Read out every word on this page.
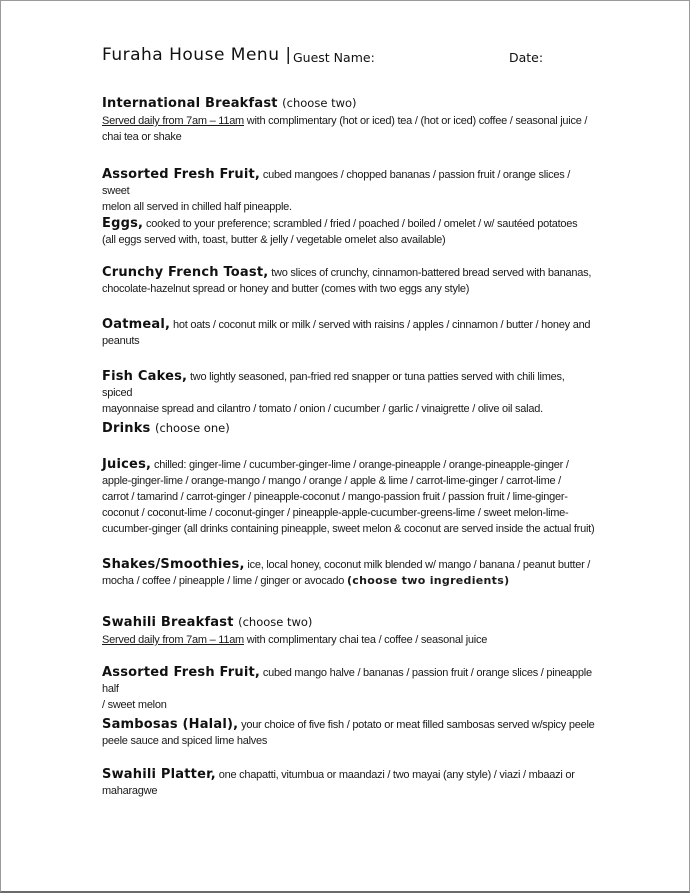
Furaha House Menu | Guest Name:	Date:
International Breakfast (choose two)
Served daily from 7am – 11am with complimentary (hot or iced) tea / (hot or iced) coffee / seasonal juice /
chai tea or shake
Assorted Fresh Fruit, cubed mangoes / chopped bananas / passion fruit / orange slices / sweet
melon all served in chilled half pineapple.
Eggs, cooked to your preference; scrambled / fried / poached / boiled / omelet / w/ sautéed potatoes
(all eggs served with, toast, butter & jelly / vegetable omelet also available)
Crunchy French Toast, two slices of crunchy, cinnamon-battered bread served with bananas,
chocolate-hazelnut spread or honey and butter (comes with two eggs any style)
Oatmeal, hot oats / coconut milk or milk / served with raisins / apples / cinnamon / butter / honey and
peanuts
Fish Cakes, two lightly seasoned, pan-fried red snapper or tuna patties served with chili limes, spiced
mayonnaise spread and cilantro / tomato / onion / cucumber / garlic / vinaigrette / olive oil salad.
Drinks (choose one)
Juices, chilled: ginger-lime / cucumber-ginger-lime / orange-pineapple / orange-pineapple-ginger /
apple-ginger-lime / orange-mango / mango / orange / apple & lime / carrot-lime-ginger / carrot-lime /
carrot / tamarind / carrot-ginger / pineapple-coconut / mango-passion fruit / passion fruit / lime-ginger-
coconut / coconut-lime / coconut-ginger / pineapple-apple-cucumber-greens-lime / sweet melon-lime-
cucumber-ginger (all drinks containing pineapple, sweet melon & coconut are served inside the actual fruit)
Shakes/Smoothies, ice, local honey, coconut milk blended w/ mango / banana / peanut butter /
mocha / coffee / pineapple / lime / ginger or avocado (choose two ingredients)
Swahili Breakfast (choose two)
Served daily from 7am – 11am with complimentary chai tea / coffee / seasonal juice
Assorted Fresh Fruit, cubed mango halve / bananas / passion fruit / orange slices / pineapple half
/ sweet melon
Sambosas (Halal), your choice of five fish / potato or meat filled sambosas served w/spicy peele
peele sauce and spiced lime halves
Swahili Platter, one chapatti, vitumbua or maandazi / two mayai (any style) / viazi / mbaazi or
maharagwe
